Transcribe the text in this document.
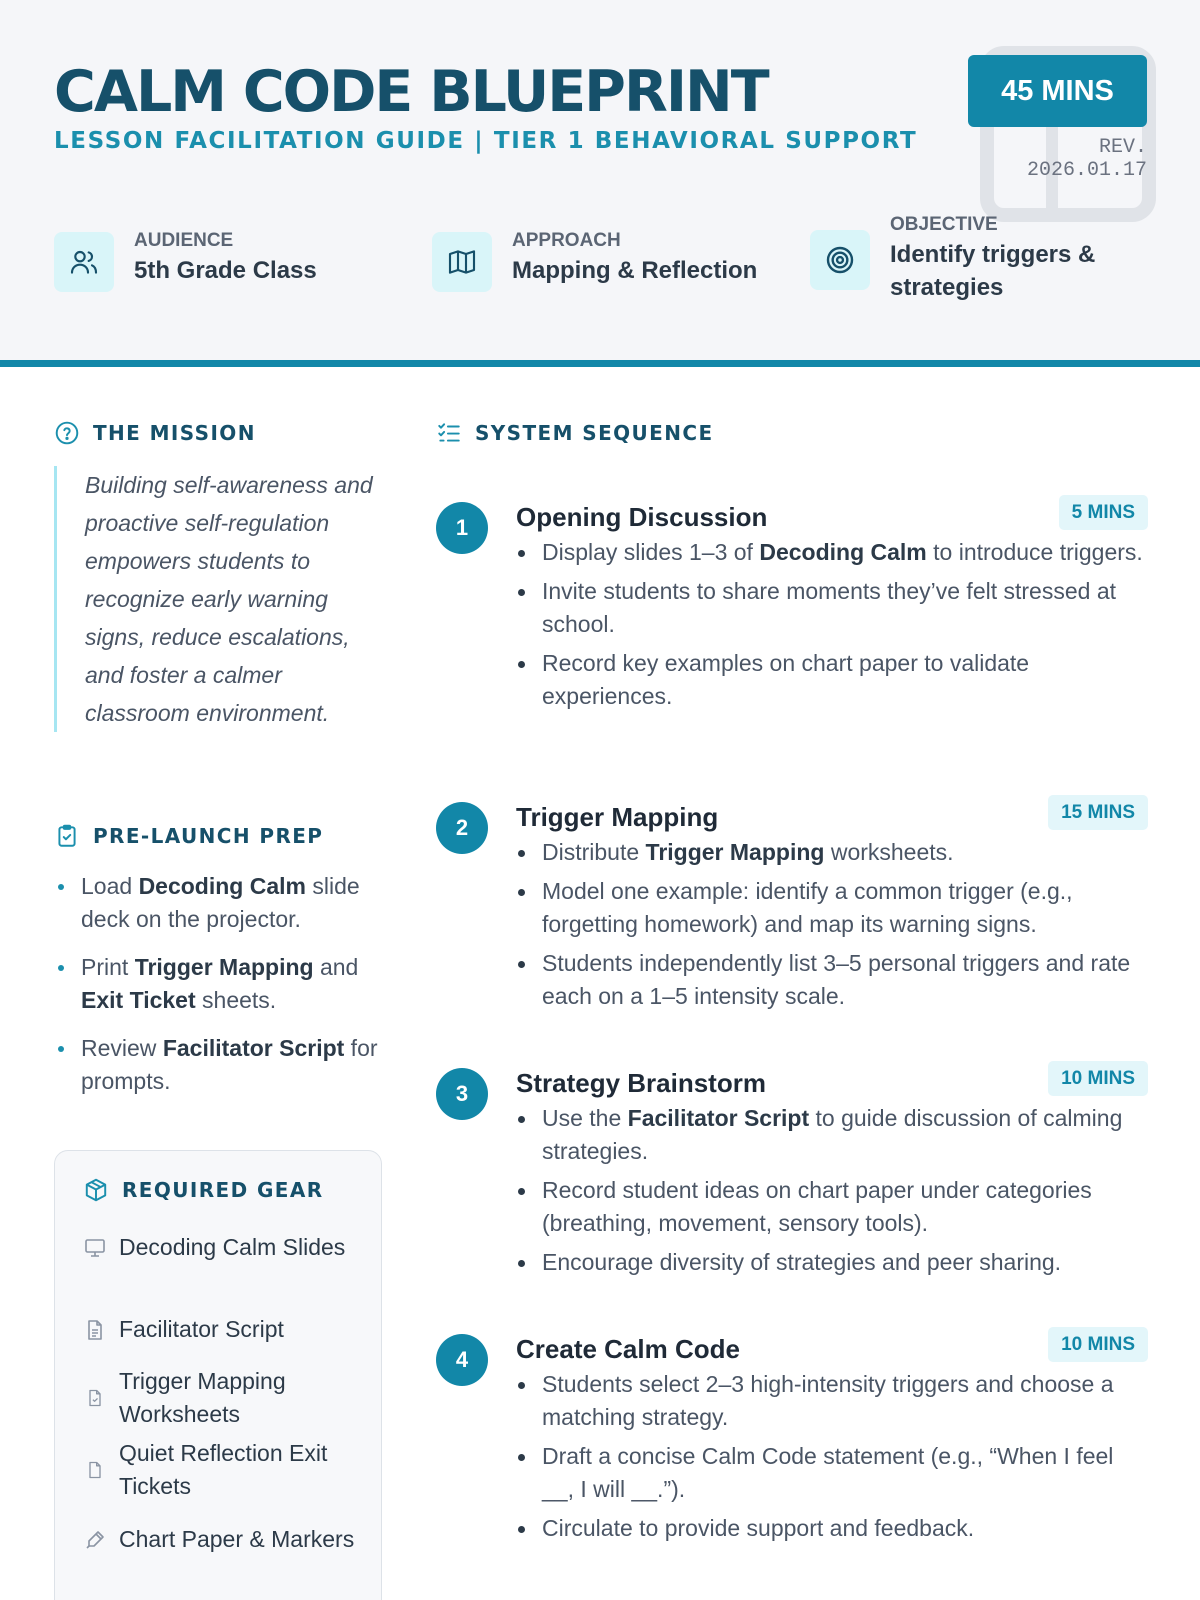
CALM CODE BLUEPRINT
LESSON FACILITATION GUIDE | TIER 1 BEHAVIORAL SUPPORT
45 MINS
REV. 2026.01.17
AUDIENCE
5th Grade Class
APPROACH
Mapping & Reflection
OBJECTIVE
Identify triggers & strategies
THE MISSION
Building self-awareness and proactive self-regulation empowers students to recognize early warning signs, reduce escalations, and foster a calmer classroom environment.
PRE-LAUNCH PREP
Load Decoding Calm slide deck on the projector.
Print Trigger Mapping and Exit Ticket sheets.
Review Facilitator Script for prompts.
REQUIRED GEAR
Decoding Calm Slides
Facilitator Script
Trigger Mapping Worksheets
Quiet Reflection Exit Tickets
Chart Paper & Markers
SYSTEM SEQUENCE
1	Opening Discussion	5 MINS
Display slides 1–3 of Decoding Calm to introduce triggers.
Invite students to share moments they’ve felt stressed at school.
Record key examples on chart paper to validate experiences.
2	Trigger Mapping	15 MINS
Distribute Trigger Mapping worksheets.
Model one example: identify a common trigger (e.g., forgetting homework) and map its warning signs.
Students independently list 3–5 personal triggers and rate each on a 1–5 intensity scale.
3	Strategy Brainstorm	10 MINS
Use the Facilitator Script to guide discussion of calming strategies.
Record student ideas on chart paper under categories (breathing, movement, sensory tools).
Encourage diversity of strategies and peer sharing.
4	Create Calm Code	10 MINS
Students select 2–3 high-intensity triggers and choose a matching strategy.
Draft a concise Calm Code statement (e.g., “When I feel __, I will __.”).
Circulate to provide support and feedback.
